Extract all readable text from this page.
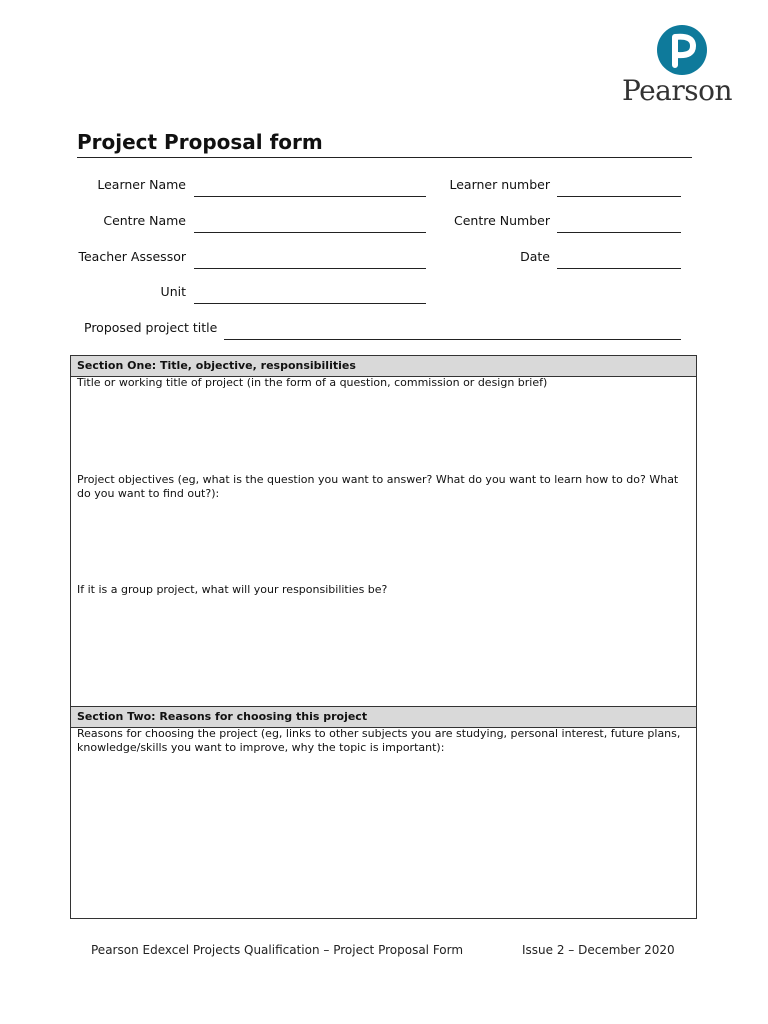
Pearson
Project Proposal form
Learner Name	Learner number
Centre Name	Centre Number
Teacher Assessor	Date
Unit
Proposed project title
Section One: Title, objective, responsibilities
Title or working title of project (in the form of a question, commission or design brief)
Project objectives (eg, what is the question you want to answer? What do you want to learn how to do? What do you want to find out?):
If it is a group project, what will your responsibilities be?
Section Two: Reasons for choosing this project
Reasons for choosing the project (eg, links to other subjects you are studying, personal interest, future plans, knowledge/skills you want to improve, why the topic is important):
Pearson Edexcel Projects Qualification – Project Proposal Form	Issue 2 – December 2020
